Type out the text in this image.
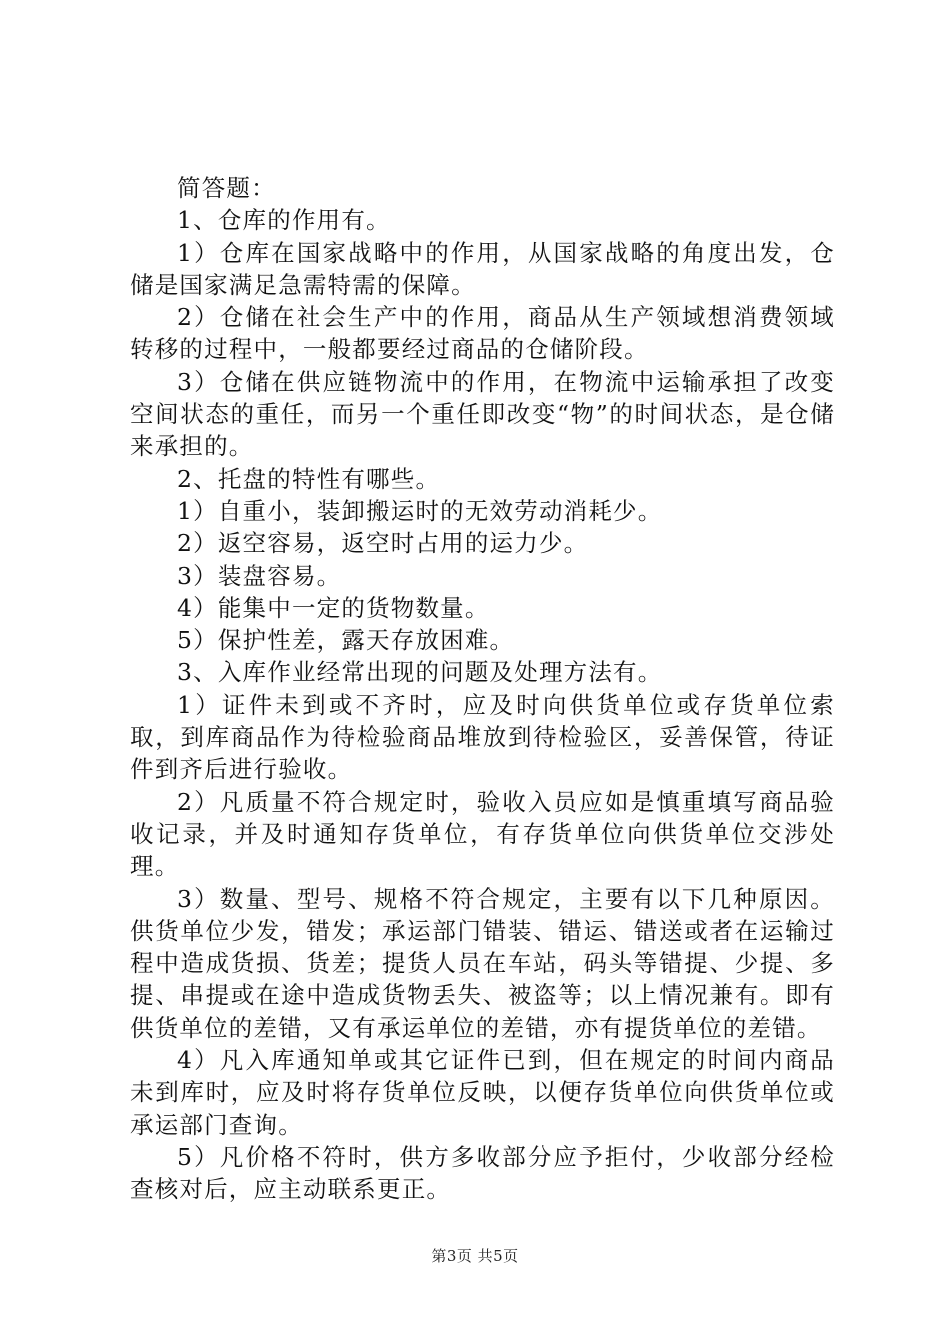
简答题：

1、仓库的作用有。

1）仓库在国家战略中的作用，从国家战略的角度出发，仓储是国家满足急需特需的保障。

2）仓储在社会生产中的作用，商品从生产领域想消费领域转移的过程中，一般都要经过商品的仓储阶段。

3）仓储在供应链物流中的作用，在物流中运输承担了改变空间状态的重任，而另一个重任即改变“物”的时间状态，是仓储来承担的。

2、托盘的特性有哪些。

1）自重小，装卸搬运时的无效劳动消耗少。

2）返空容易，返空时占用的运力少。

3）装盘容易。

4）能集中一定的货物数量。

5）保护性差，露天存放困难。

3、入库作业经常出现的问题及处理方法有。

1）证件未到或不齐时，应及时向供货单位或存货单位索取，到库商品作为待检验商品堆放到待检验区，妥善保管，待证件到齐后进行验收。

2）凡质量不符合规定时，验收入员应如是慎重填写商品验收记录，并及时通知存货单位，有存货单位向供货单位交涉处理。

3）数量、型号、规格不符合规定，主要有以下几种原因。供货单位少发，错发；承运部门错装、错运、错送或者在运输过程中造成货损、货差；提货人员在车站，码头等错提、少提、多提、串提或在途中造成货物丢失、被盗等；以上情况兼有。即有供货单位的差错，又有承运单位的差错，亦有提货单位的差错。

4）凡入库通知单或其它证件已到，但在规定的时间内商品未到库时，应及时将存货单位反映，以便存货单位向供货单位或承运部门查询。

5）凡价格不符时，供方多收部分应予拒付，少收部分经检查核对后，应主动联系更正。

第3页 共5页
